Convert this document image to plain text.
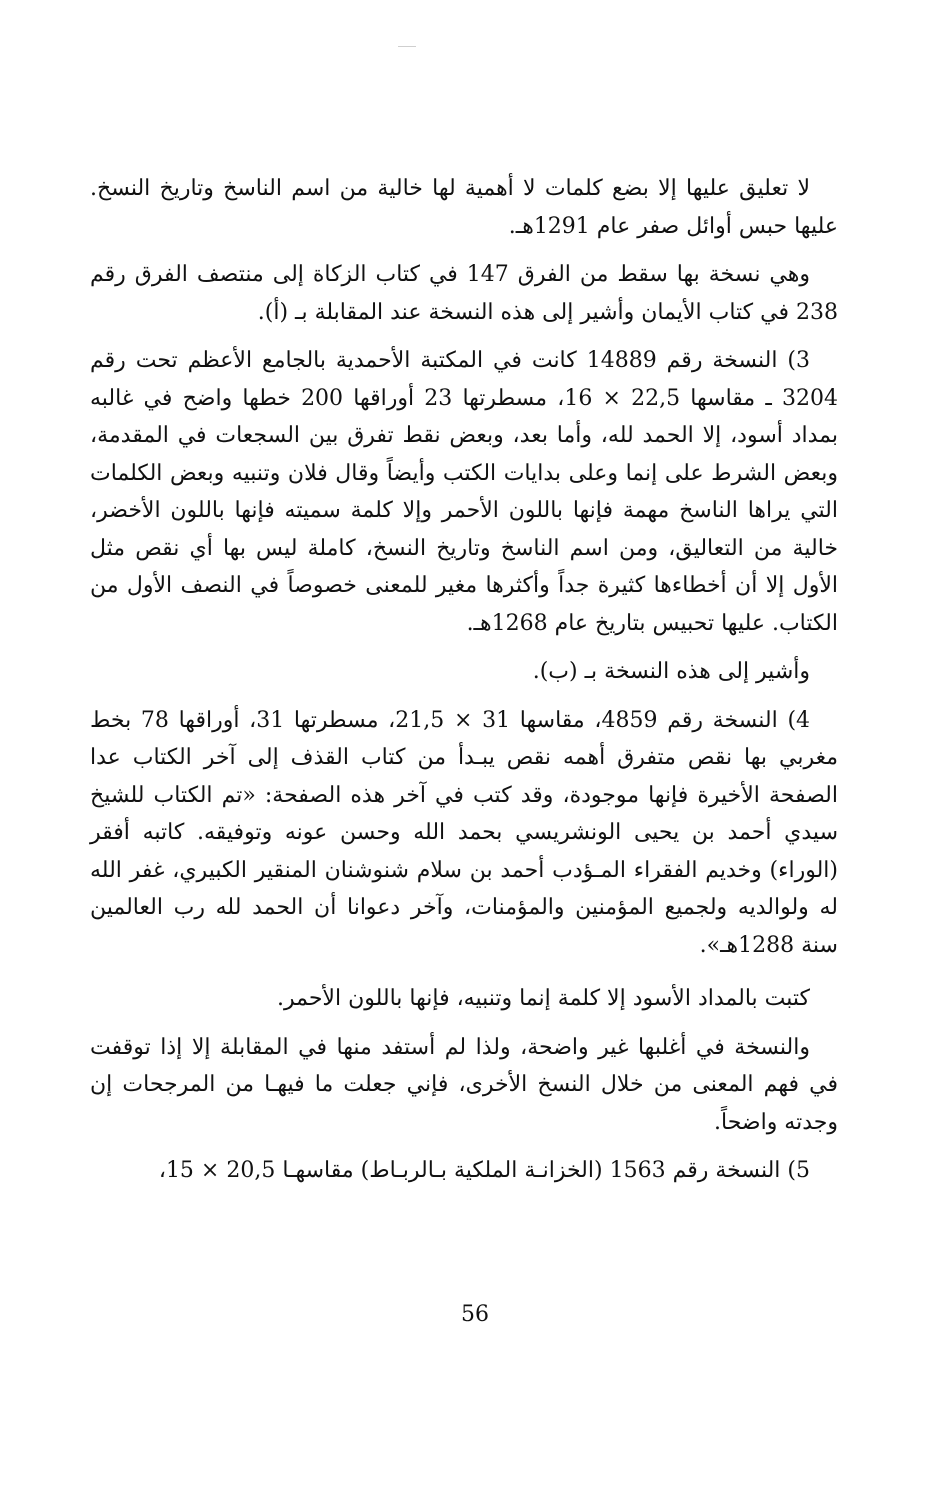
لا تعليق عليها إلا بضع كلمات لا أهمية لها خالية من اسم الناسخ وتاريخ النسخ. عليها حبس أوائل صفر عام 1291هـ.

وهي نسخة بها سقط من الفرق 147 في كتاب الزكاة إلى منتصف الفرق رقم 238 في كتاب الأيمان وأشير إلى هذه النسخة عند المقابلة بـ (أ).

3) النسخة رقم 14889 كانت في المكتبة الأحمدية بالجامع الأعظم تحت رقم 3204 ـ مقاسها 22,5 × 16، مسطرتها 23 أوراقها 200 خطها واضح في غالبه بمداد أسود، إلا الحمد لله، وأما بعد، وبعض نقط تفرق بين السجعات في المقدمة، وبعض الشرط على إنما وعلى بدايات الكتب وأيضاً وقال فلان وتنبيه وبعض الكلمات التي يراها الناسخ مهمة فإنها باللون الأحمر وإلا كلمة سميته فإنها باللون الأخضر، خالية من التعاليق، ومن اسم الناسخ وتاريخ النسخ، كاملة ليس بها أي نقص مثل الأول إلا أن أخطاءها كثيرة جداً وأكثرها مغير للمعنى خصوصاً في النصف الأول من الكتاب. عليها تحبيس بتاريخ عام 1268هـ.

وأشير إلى هذه النسخة بـ (ب).

4) النسخة رقم 4859، مقاسها 31 × 21,5، مسطرتها 31، أوراقها 78 بخط مغربي بها نقص متفرق أهمه نقص يبـدأ من كتاب القذف إلى آخر الكتاب عدا الصفحة الأخيرة فإنها موجودة، وقد كتب في آخر هذه الصفحة: «تم الكتاب للشيخ سيدي أحمد بن يحيى الونشريسي بحمد الله وحسن عونه وتوفيقه. كاتبه أفقر (الوراء) وخديم الفقراء المـؤدب أحمد بن سلام شنوشنان المنقير الكبيري، غفر الله له ولوالديه ولجميع المؤمنين والمؤمنات، وآخر دعوانا أن الحمد لله رب العالمين سنة 1288هـ».

كتبت بالمداد الأسود إلا كلمة إنما وتنبيه، فإنها باللون الأحمر.

والنسخة في أغلبها غير واضحة، ولذا لم أستفد منها في المقابلة إلا إذا توقفت في فهم المعنى من خلال النسخ الأخرى، فإني جعلت ما فيهـا من المرجحات إن وجدته واضحاً.

5) النسخة رقم 1563 (الخزانـة الملكية بـالربـاط) مقاسهـا 20,5 × 15،

56
